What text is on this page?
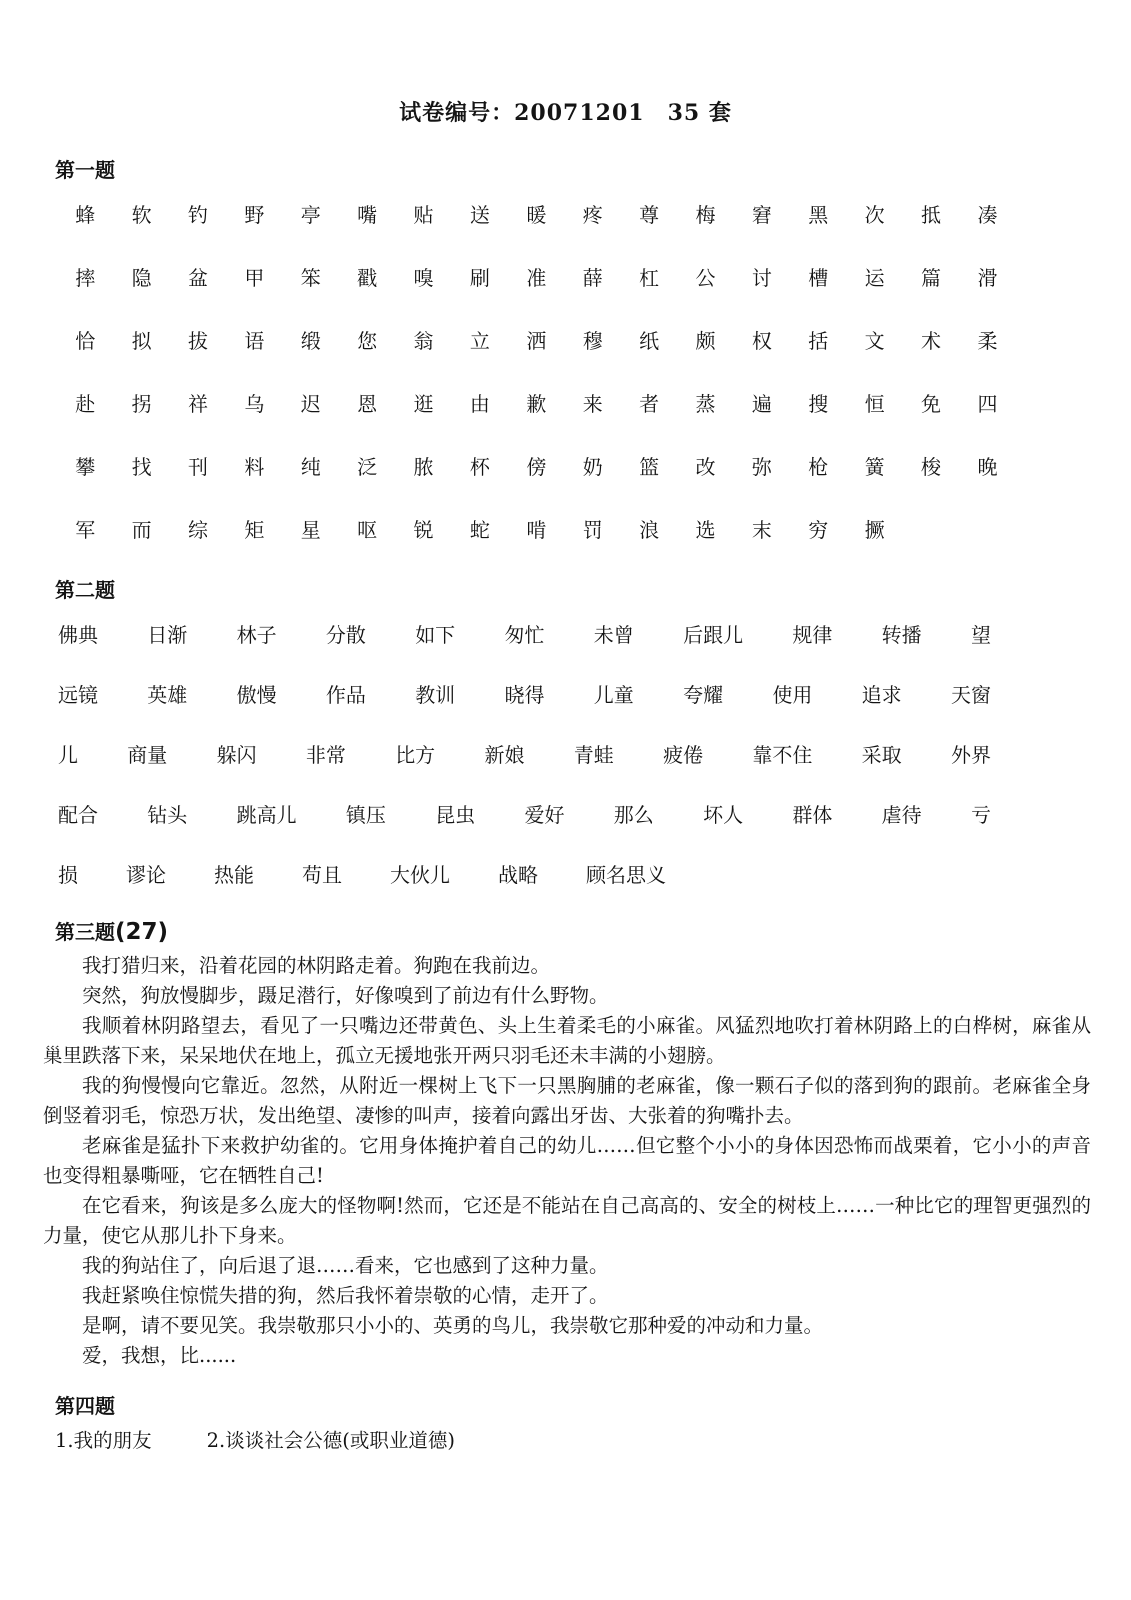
试卷编号：20071201　35 套
第一题
蜂	软	钓	野	亭	嘴	贴	送	暖	疼	尊	梅	窘	黑	次	抵	凑
摔	隐	盆	甲	笨	戳	嗅	刷	准	薛	杠	公	讨	槽	运	篇	滑
恰	拟	拔	语	缎	您	翁	立	洒	穆	纸	颇	权	括	文	术	柔
赴	拐	祥	乌	迟	恩	逛	由	歉	来	者	蒸	遍	搜	恒	免	四
攀	找	刊	料	纯	泛	脓	杯	傍	奶	篮	改	弥	枪	簧	梭	晚
军	而	综	矩	星	呕	锐	蛇	啃	罚	浪	选	末	穷	撅
第二题
佛典 日渐 林子 分散 如下 匆忙 未曾 后跟儿 规律 转播 望
远镜 英雄 傲慢 作品 教训 晓得 儿童 夸耀 使用 追求 天窗
儿 商量 躲闪 非常 比方 新娘 青蛙 疲倦 靠不住 采取 外界
配合 钻头 跳高儿 镇压 昆虫 爱好 那么 坏人 群体 虐待 亏
损 谬论 热能 苟且 大伙儿 战略 顾名思义
第三题(27)

我打猎归来，沿着花园的林阴路走着。狗跑在我前边。

突然，狗放慢脚步，蹑足潜行，好像嗅到了前边有什么野物。

我顺着林阴路望去，看见了一只嘴边还带黄色、头上生着柔毛的小麻雀。风猛烈地吹打着林阴路上的白桦树，麻雀从巢里跌落下来，呆呆地伏在地上，孤立无援地张开两只羽毛还未丰满的小翅膀。

我的狗慢慢向它靠近。忽然，从附近一棵树上飞下一只黑胸脯的老麻雀，像一颗石子似的落到狗的跟前。老麻雀全身倒竖着羽毛，惊恐万状，发出绝望、凄惨的叫声，接着向露出牙齿、大张着的狗嘴扑去。

老麻雀是猛扑下来救护幼雀的。它用身体掩护着自己的幼儿……但它整个小小的身体因恐怖而战栗着，它小小的声音也变得粗暴嘶哑，它在牺牲自己!

在它看来，狗该是多么庞大的怪物啊!然而，它还是不能站在自己高高的、安全的树枝上……一种比它的理智更强烈的力量，使它从那儿扑下身来。

我的狗站住了，向后退了退……看来，它也感到了这种力量。

我赶紧唤住惊慌失措的狗，然后我怀着崇敬的心情，走开了。

是啊，请不要见笑。我崇敬那只小小的、英勇的鸟儿，我崇敬它那种爱的冲动和力量。

爱，我想，比......

第四题

1.我的朋友	2.谈谈社会公德(或职业道德)
